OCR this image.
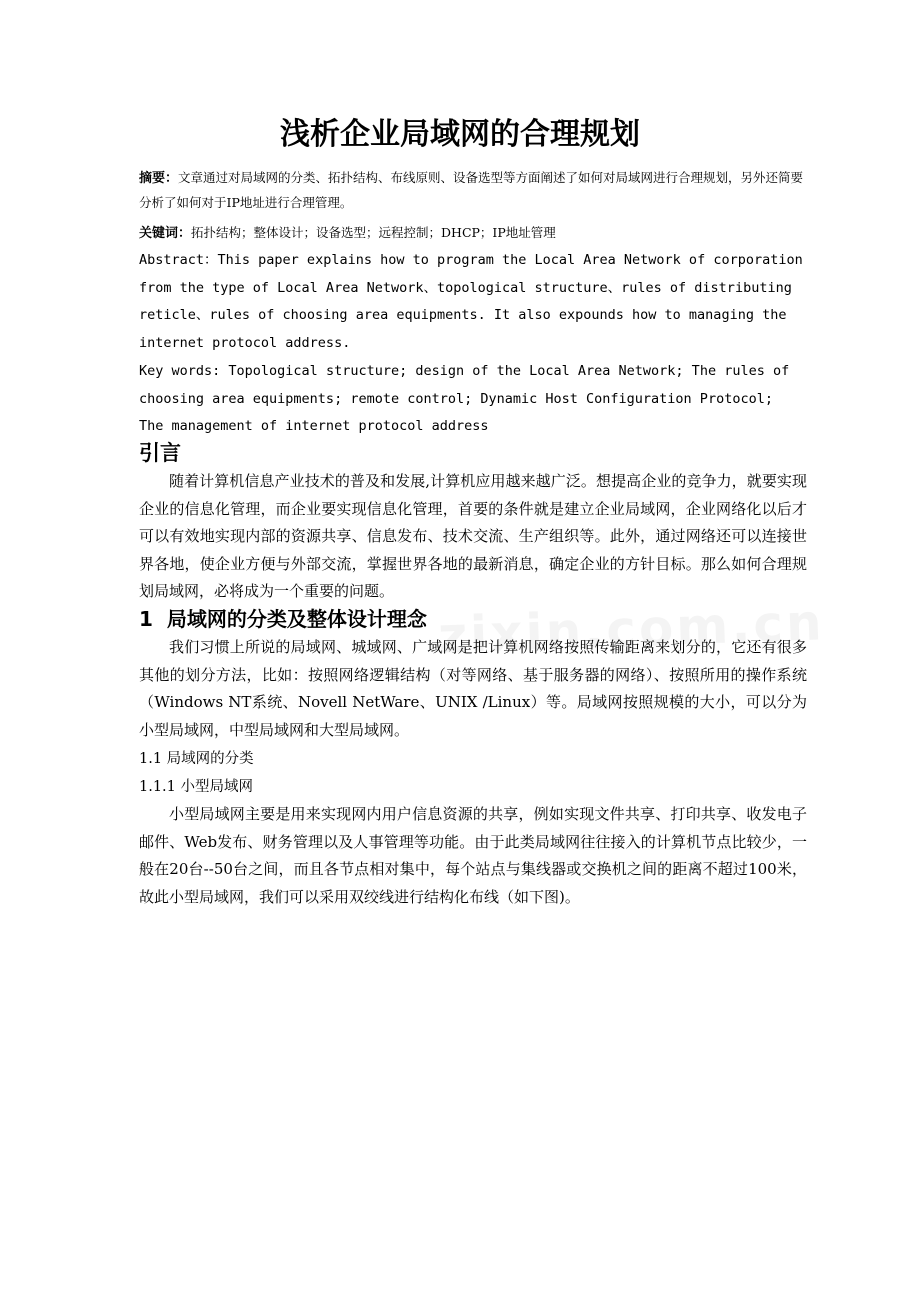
浅析企业局域网的合理规划
摘要：文章通过对局域网的分类、拓扑结构、布线原则、设备选型等方面阐述了如何对局域网进行合理规划，另外还简要分析了如何对于IP地址进行合理管理。
关键词：拓扑结构；整体设计；设备选型；远程控制；DHCP；IP地址管理
Abstract：This paper explains how to program the Local Area Network of corporation
from the type of Local Area Network、topological structure、rules of distributing
reticle、rules of choosing area equipments. It also expounds how to managing the
internet protocol address.
Key words: Topological structure; design of the Local Area Network; The rules of
choosing area equipments; remote control; Dynamic Host Configuration Protocol;
The management of internet protocol address
引言
随着计算机信息产业技术的普及和发展,计算机应用越来越广泛。想提高企业的竞争力，就要实现企业的信息化管理，而企业要实现信息化管理，首要的条件就是建立企业局域网，企业网络化以后才可以有效地实现内部的资源共享、信息发布、技术交流、生产组织等。此外，通过网络还可以连接世界各地，使企业方便与外部交流，掌握世界各地的最新消息，确定企业的方针目标。那么如何合理规划局域网，必将成为一个重要的问题。
1  局域网的分类及整体设计理念
我们习惯上所说的局域网、城域网、广域网是把计算机网络按照传输距离来划分的，它还有很多其他的划分方法，比如：按照网络逻辑结构（对等网络、基于服务器的网络）、按照所用的操作系统（Windows NT系统、Novell NetWare、UNIX /Linux）等。局域网按照规模的大小，可以分为小型局域网，中型局域网和大型局域网。
1.1 局域网的分类
1.1.1 小型局域网
小型局域网主要是用来实现网内用户信息资源的共享，例如实现文件共享、打印共享、收发电子邮件、Web发布、财务管理以及人事管理等功能。由于此类局域网往往接入的计算机节点比较少，一般在20台--50台之间，而且各节点相对集中，每个站点与集线器或交换机之间的距离不超过100米，故此小型局域网，我们可以采用双绞线进行结构化布线（如下图)。
